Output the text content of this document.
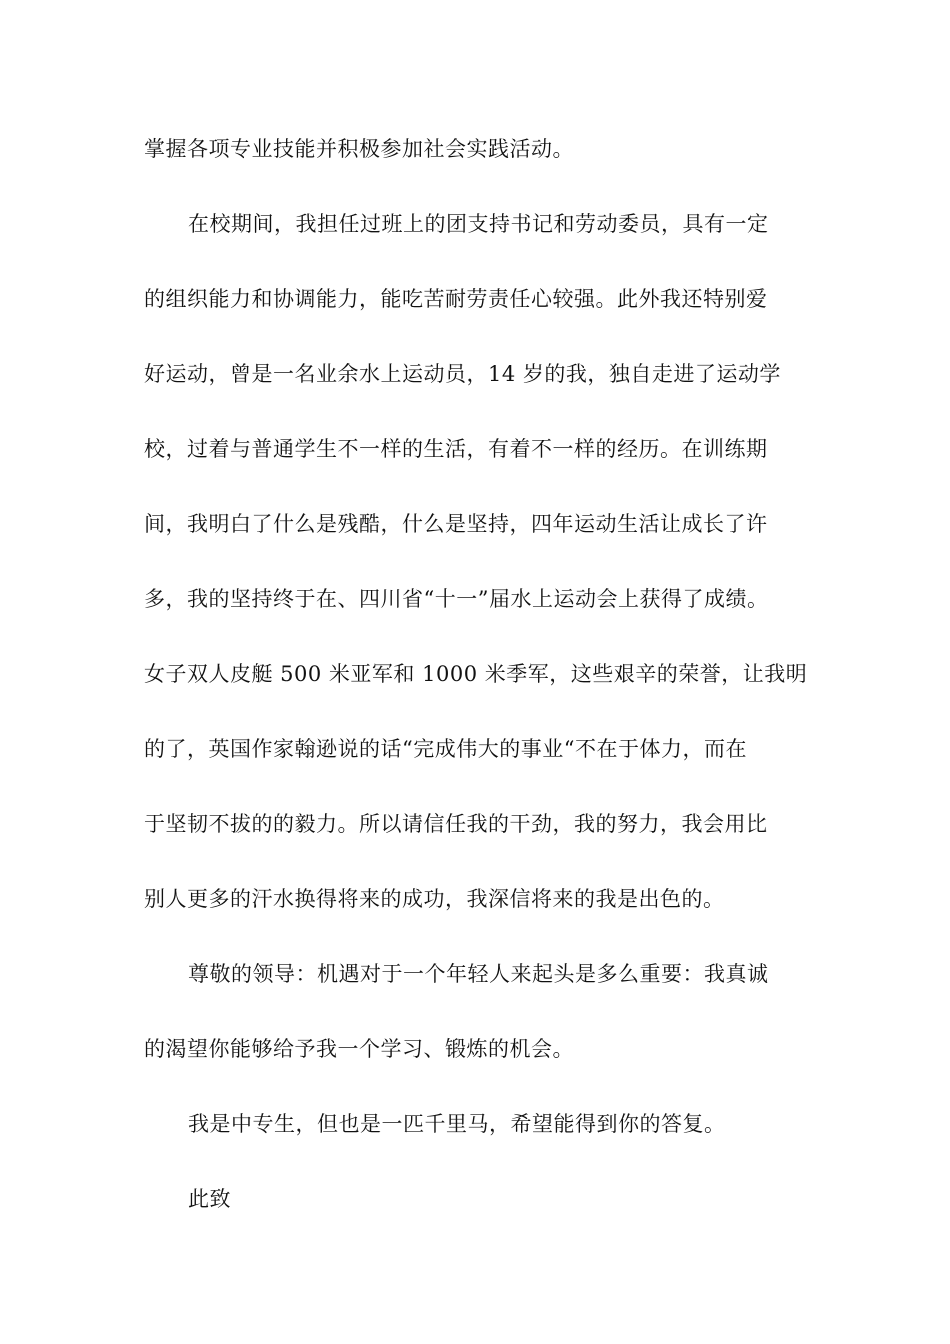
掌握各项专业技能并积极参加社会实践活动。
在校期间，我担任过班上的团支持书记和劳动委员，具有一定
的组织能力和协调能力，能吃苦耐劳责任心较强。此外我还特别爱
好运动，曾是一名业余水上运动员，14 岁的我，独自走进了运动学
校，过着与普通学生不一样的生活，有着不一样的经历。在训练期
间，我明白了什么是残酷，什么是坚持，四年运动生活让成长了许
多，我的坚持终于在、四川省“十一”届水上运动会上获得了成绩。
女子双人皮艇 500 米亚军和 1000 米季军，这些艰辛的荣誉，让我明
的了，英国作家翰逊说的话“完成伟大的事业“不在于体力，而在
于坚韧不拔的的毅力。所以请信任我的干劲，我的努力，我会用比
别人更多的汗水换得将来的成功，我深信将来的我是出色的。
尊敬的领导：机遇对于一个年轻人来起头是多么重要：我真诚
的渴望你能够给予我一个学习、锻炼的机会。
我是中专生，但也是一匹千里马，希望能得到你的答复。
此致
